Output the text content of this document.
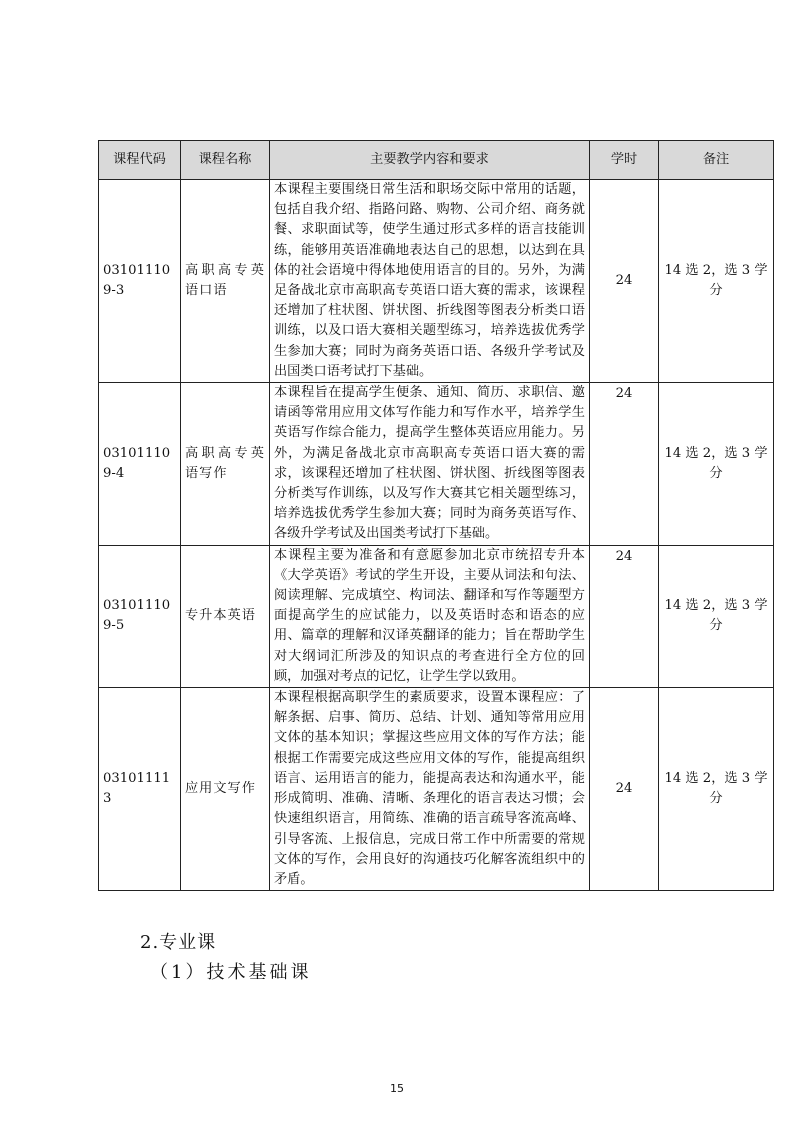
课程代码	课程名称	主要教学内容和要求	学时	备注
031011109-3	高职高专英语口语	本课程主要围绕日常生活和职场交际中常用的话题，包括自我介绍、指路问路、购物、公司介绍、商务就餐、求职面试等，使学生通过形式多样的语言技能训练，能够用英语准确地表达自己的思想，以达到在具体的社会语境中得体地使用语言的目的。另外，为满足备战北京市高职高专英语口语大赛的需求，该课程还增加了柱状图、饼状图、折线图等图表分析类口语训练，以及口语大赛相关题型练习，培养选拔优秀学生参加大赛；同时为商务英语口语、各级升学考试及出国类口语考试打下基础。	24	14 选 2，选 3 学分
031011109-4	高职高专英语写作	本课程旨在提高学生便条、通知、简历、求职信、邀请函等常用应用文体写作能力和写作水平，培养学生英语写作综合能力，提高学生整体英语应用能力。另外，为满足备战北京市高职高专英语口语大赛的需求，该课程还增加了柱状图、饼状图、折线图等图表分析类写作训练，以及写作大赛其它相关题型练习，培养选拔优秀学生参加大赛；同时为商务英语写作、各级升学考试及出国类考试打下基础。	24	14 选 2，选 3 学分
031011109-5	专升本英语	本课程主要为准备和有意愿参加北京市统招专升本《大学英语》考试的学生开设，主要从词法和句法、阅读理解、完成填空、构词法、翻译和写作等题型方面提高学生的应试能力，以及英语时态和语态的应用、篇章的理解和汉译英翻译的能力；旨在帮助学生对大纲词汇所涉及的知识点的考查进行全方位的回顾，加强对考点的记忆，让学生学以致用。	24	14 选 2，选 3 学分
031011113	应用文写作	本课程根据高职学生的素质要求，设置本课程应：了解条据、启事、简历、总结、计划、通知等常用应用文体的基本知识；掌握这些应用文体的写作方法；能根据工作需要完成这些应用文体的写作，能提高组织语言、运用语言的能力，能提高表达和沟通水平，能形成简明、准确、清晰、条理化的语言表达习惯；会快速组织语言，用简练、准确的语言疏导客流高峰、引导客流、上报信息，完成日常工作中所需要的常规文体的写作，会用良好的沟通技巧化解客流组织中的矛盾。	24	14 选 2，选 3 学分
2.专业课
（1）技术基础课
15
